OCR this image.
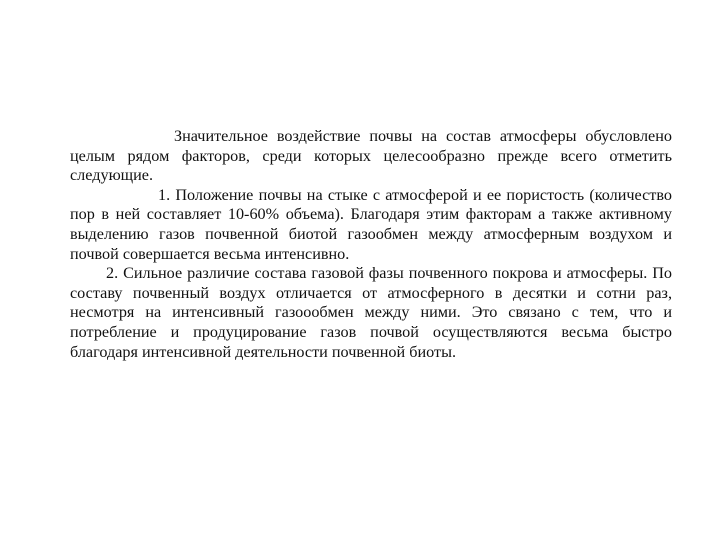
Значительное воздействие почвы на состав атмосферы обусловлено целым рядом факторов, среди которых целесообразно прежде всего отметить следующие.

1. Положение почвы на стыке с атмосферой и ее пористость (количество пор в ней составляет 10-60% объема). Благодаря этим факторам а также активному выделению газов почвенной биотой газообмен между атмосферным воздухом и почвой совершается весьма интенсивно.

2. Сильное различие состава газовой фазы почвенного покрова и атмосферы. По составу почвенный воздух отличается от атмосферного в десятки и сотни раз, несмотря на интенсивный газоообмен между ними. Это связано с тем, что и потребление и продуцирование газов почвой осуществляются весьма быстро благодаря интенсивной деятельности почвенной биоты.
